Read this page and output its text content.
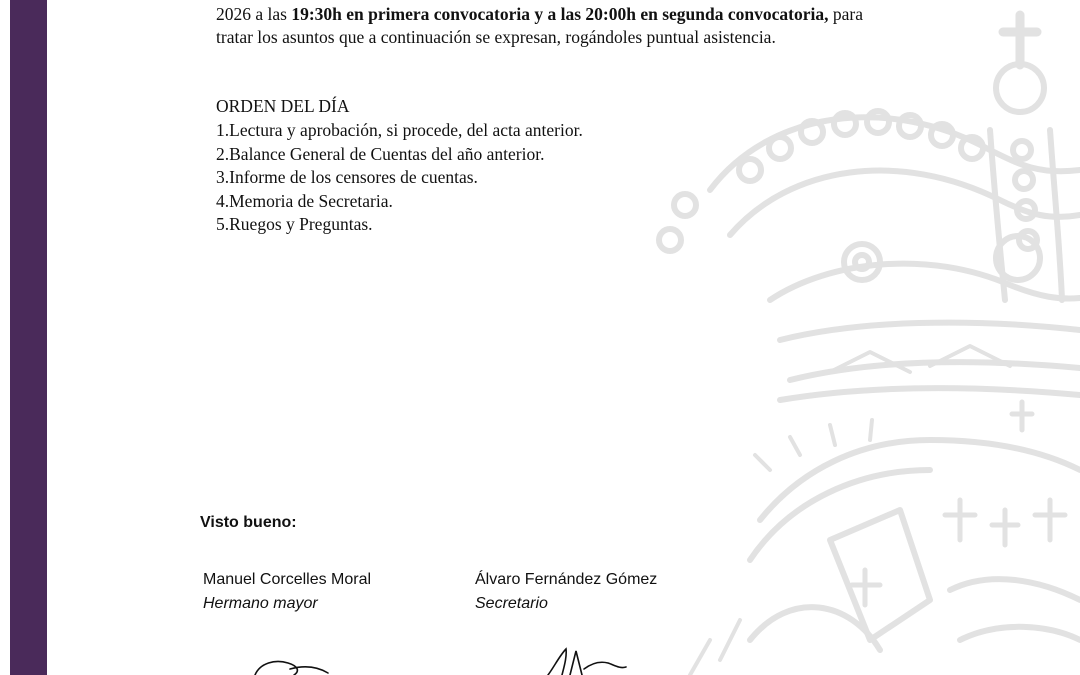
2026 a las 19:30h en primera convocatoria y a las 20:00h en segunda convocatoria, para tratar los asuntos que a continuación se expresan, rogándoles puntual asistencia.

ORDEN DEL DÍA
1.Lectura y aprobación, si procede, del acta anterior.
2.Balance General de Cuentas del año anterior.
3.Informe de los censores de cuentas.
4.Memoria de Secretaria.
5.Ruegos y Preguntas.
Visto bueno:
Manuel Corcelles Moral
Hermano mayor
Álvaro Fernández Gómez
Secretario
